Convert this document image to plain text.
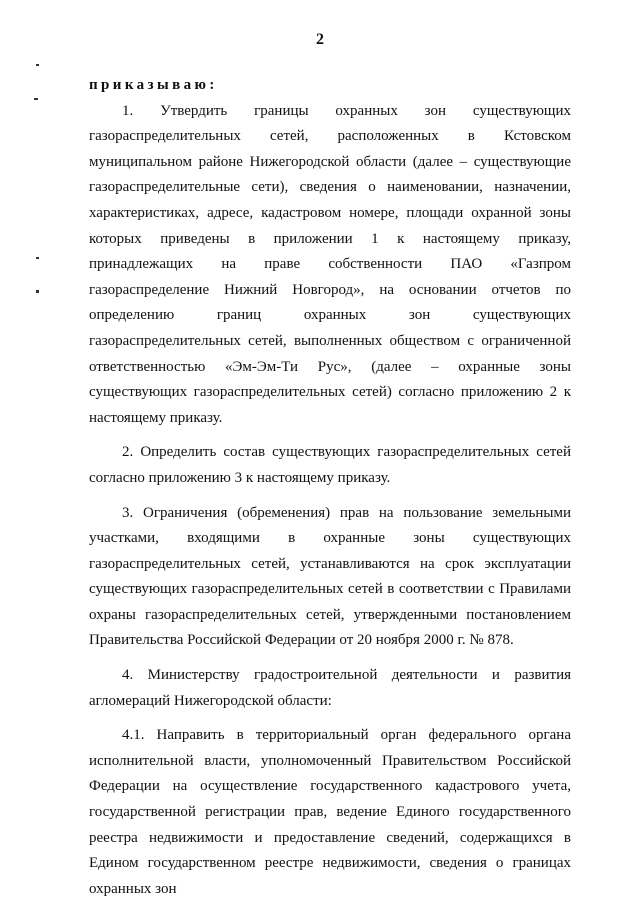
2

приказываю:

1. Утвердить границы охранных зон существующих газораспределительных сетей, расположенных в Кстовском муниципальном районе Нижегородской области (далее – существующие газораспределительные сети), сведения о наименовании, назначении, характеристиках, адресе, кадастровом номере, площади охранной зоны которых приведены в приложении 1 к настоящему приказу, принадлежащих на праве собственности ПАО «Газпром газораспределение Нижний Новгород», на основании отчетов по определению границ охранных зон существующих газораспределительных сетей, выполненных обществом с ограниченной ответственностью «Эм-Эм-Ти Рус», (далее – охранные зоны существующих газораспределительных сетей) согласно приложению 2 к настоящему приказу.

2. Определить состав существующих газораспределительных сетей согласно приложению 3 к настоящему приказу.

3. Ограничения (обременения) прав на пользование земельными участками, входящими в охранные зоны существующих газораспределительных сетей, устанавливаются на срок эксплуатации существующих газораспределительных сетей в соответствии с Правилами охраны газораспределительных сетей, утвержденными постановлением Правительства Российской Федерации от 20 ноября 2000 г. № 878.

4. Министерству градостроительной деятельности и развития агломераций Нижегородской области:

4.1. Направить в территориальный орган федерального органа исполнительной власти, уполномоченный Правительством Российской Федерации на осуществление государственного кадастрового учета, государственной регистрации прав, ведение Единого государственного реестра недвижимости и предоставление сведений, содержащихся в Едином государственном реестре недвижимости, сведения о границах охранных зон
